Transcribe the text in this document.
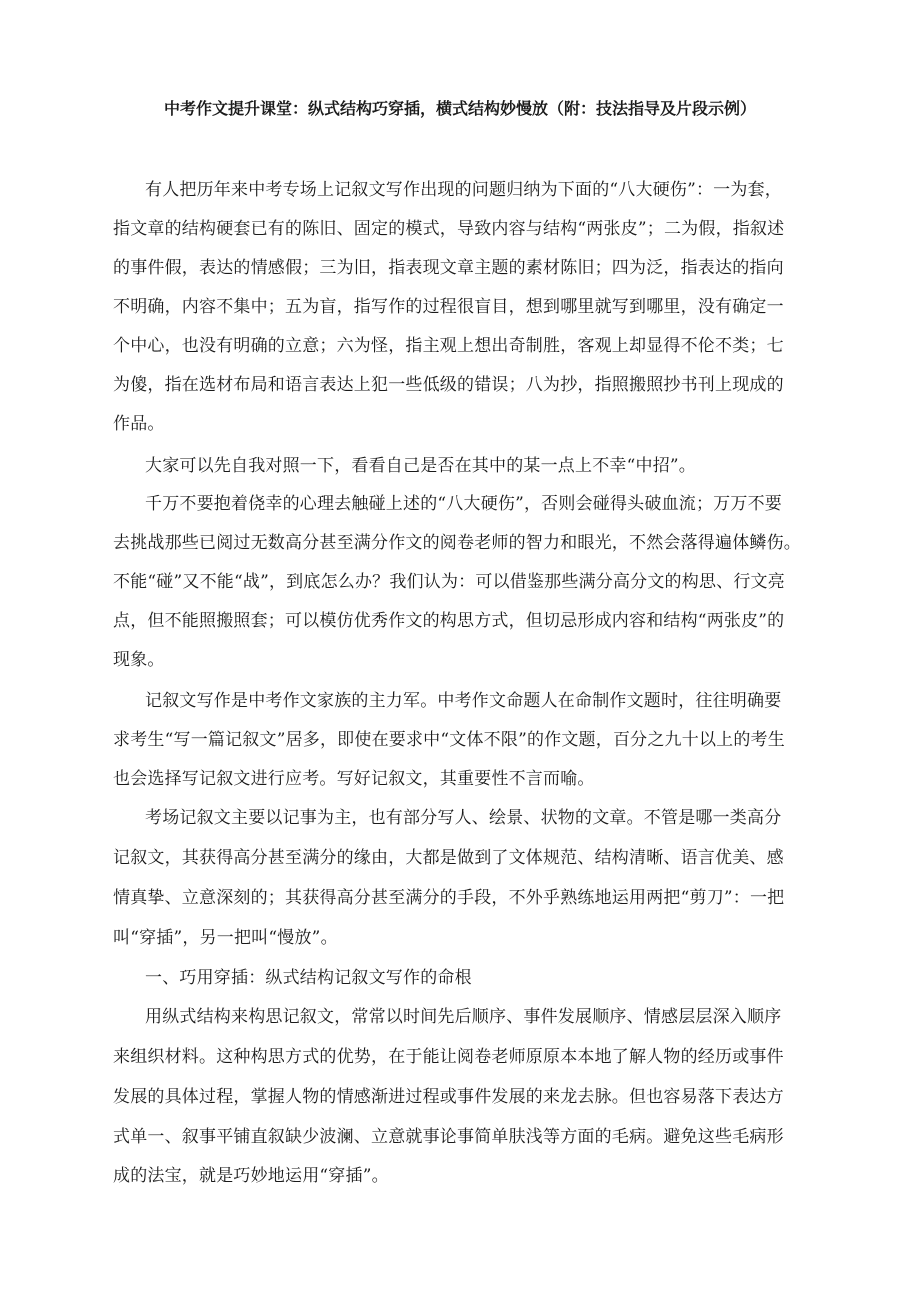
中考作文提升课堂：纵式结构巧穿插，横式结构妙慢放（附：技法指导及片段示例）
有人把历年来中考专场上记叙文写作出现的问题归纳为下面的“八大硬伤”：一为套，
指文章的结构硬套已有的陈旧、固定的模式，导致内容与结构“两张皮”；二为假，指叙述
的事件假，表达的情感假；三为旧，指表现文章主题的素材陈旧；四为泛，指表达的指向
不明确，内容不集中；五为盲，指写作的过程很盲目，想到哪里就写到哪里，没有确定一
个中心，也没有明确的立意；六为怪，指主观上想出奇制胜，客观上却显得不伦不类；七
为傻，指在选材布局和语言表达上犯一些低级的错误；八为抄，指照搬照抄书刊上现成的
作品。
大家可以先自我对照一下，看看自己是否在其中的某一点上不幸“中招”。
千万不要抱着侥幸的心理去触碰上述的“八大硬伤”，否则会碰得头破血流；万万不要
去挑战那些已阅过无数高分甚至满分作文的阅卷老师的智力和眼光，不然会落得遍体鳞伤。
不能“碰”又不能“战”，到底怎么办？我们认为：可以借鉴那些满分高分文的构思、行文亮
点，但不能照搬照套；可以模仿优秀作文的构思方式，但切忌形成内容和结构“两张皮”的
现象。
记叙文写作是中考作文家族的主力军。中考作文命题人在命制作文题时，往往明确要
求考生“写一篇记叙文”居多，即使在要求中“文体不限”的作文题，百分之九十以上的考生
也会选择写记叙文进行应考。写好记叙文，其重要性不言而喻。
考场记叙文主要以记事为主，也有部分写人、绘景、状物的文章。不管是哪一类高分
记叙文，其获得高分甚至满分的缘由，大都是做到了文体规范、结构清晰、语言优美、感
情真挚、立意深刻的；其获得高分甚至满分的手段，不外乎熟练地运用两把“剪刀”：一把
叫“穿插”，另一把叫“慢放”。
一、巧用穿插：纵式结构记叙文写作的命根
用纵式结构来构思记叙文，常常以时间先后顺序、事件发展顺序、情感层层深入顺序
来组织材料。这种构思方式的优势，在于能让阅卷老师原原本本地了解人物的经历或事件
发展的具体过程，掌握人物的情感渐进过程或事件发展的来龙去脉。但也容易落下表达方
式单一、叙事平铺直叙缺少波澜、立意就事论事简单肤浅等方面的毛病。避免这些毛病形
成的法宝，就是巧妙地运用“穿插”。
